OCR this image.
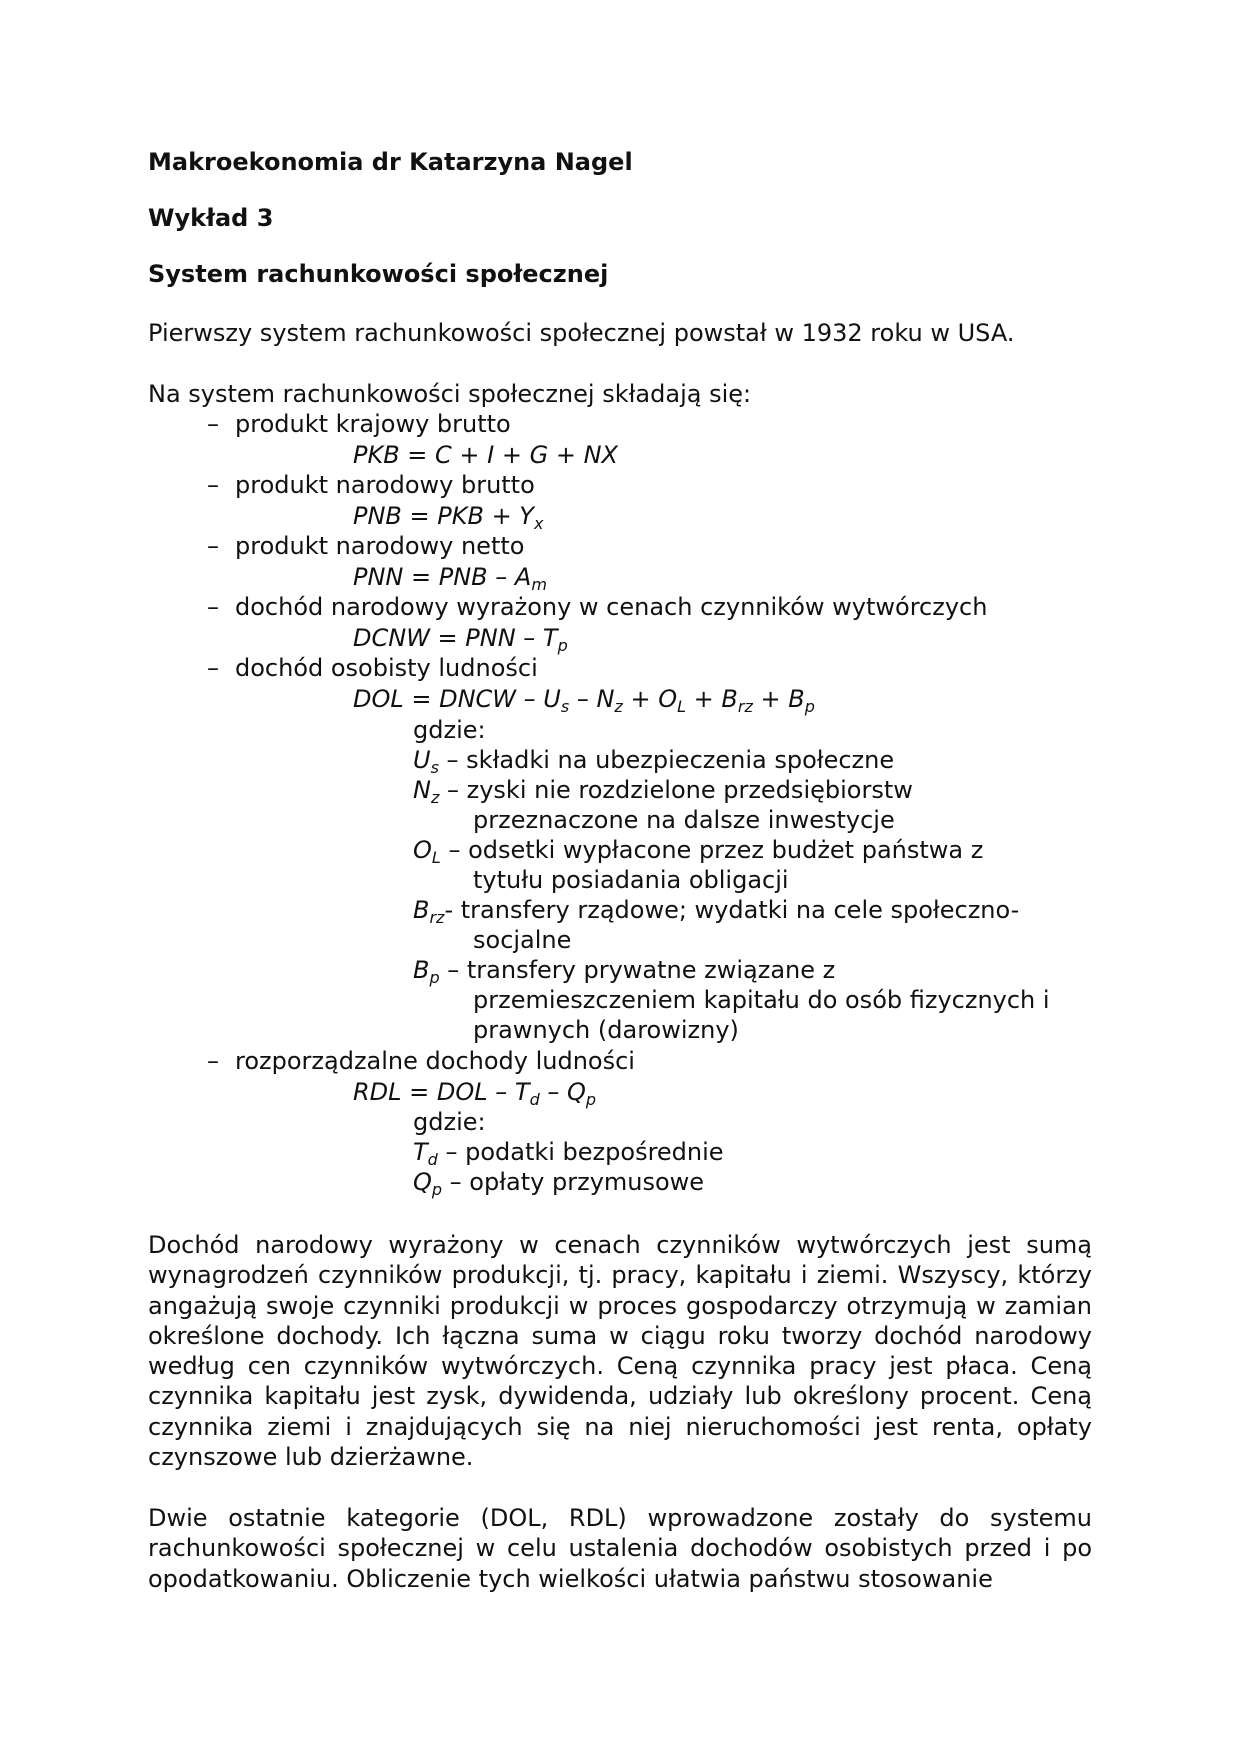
Makroekonomia dr Katarzyna Nagel
Wykład 3
System rachunkowości społecznej
Pierwszy system rachunkowości społecznej powstał w 1932 roku w USA.
Na system rachunkowości społecznej składają się:
– produkt krajowy brutto
PKB = C + I + G + NX
– produkt narodowy brutto
PNB = PKB + $Y_x$
– produkt narodowy netto
PNN = PNB – $A_m$
– dochód narodowy wyrażony w cenach czynników wytwórczych
DCNW = PNN – $T_p$
– dochód osobisty ludności
DOL = DNCW – $U_s - N_z + O_L + B_{rz} + B_p$
gdzie:
$U_s$ – składki na ubezpieczenia społeczne
$N_z$ – zyski nie rozdzielone przedsiębiorstw
przeznaczone na dalsze inwestycje
$O_L$ – odsetki wypłacone przez budżet państwa z
tytułu posiadania obligacji
$B_{rz}-$ transfery rządowe; wydatki na cele społeczno-
socjalne
$B_p$ – transfery prywatne związane z
przemieszczeniem kapitału do osób fizycznych i
prawnych (darowizny)
– rozporządzalne dochody ludności
RDL = DOL – $T_d - Q_p$
gdzie:
$T_d$ – podatki bezpośrednie
$Q_p$ – opłaty przymusowe
Dochód narodowy wyrażony w cenach czynników wytwórczych jest sumą wynagrodzeń czynników produkcji, tj. pracy, kapitału i ziemi. Wszyscy, którzy angażują swoje czynniki produkcji w proces gospodarczy otrzymują w zamian określone dochody. Ich łączna suma w ciągu roku tworzy dochód narodowy według cen czynników wytwórczych. Ceną czynnika pracy jest płaca. Ceną czynnika kapitału jest zysk, dywidenda, udziały lub określony procent. Ceną czynnika ziemi i znajdujących się na niej nieruchomości jest renta, opłaty czynszowe lub dzierżawne.
Dwie ostatnie kategorie (DOL, RDL) wprowadzone zostały do systemu rachunkowości społecznej w celu ustalenia dochodów osobistych przed i po opodatkowaniu. Obliczenie tych wielkości ułatwia państwu stosowanie
